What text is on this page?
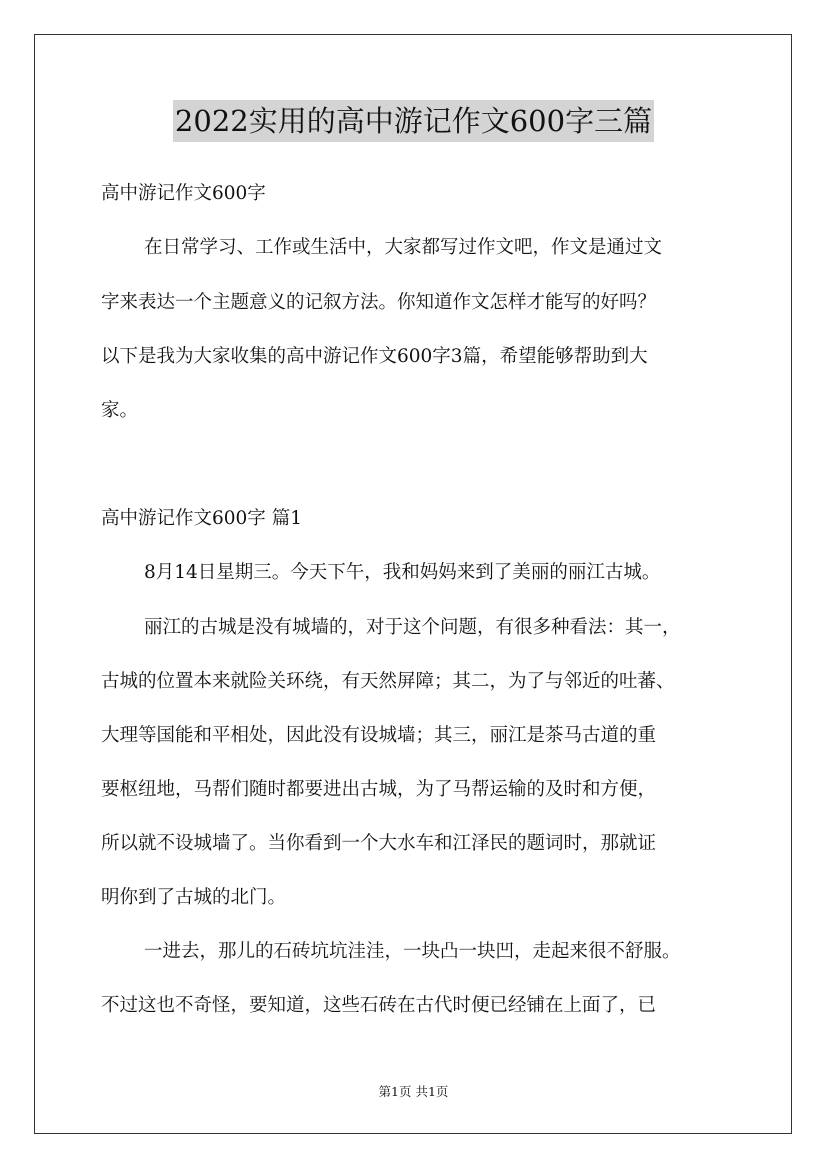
2022实用的高中游记作文600字三篇
高中游记作文600字
在日常学习、工作或生活中，大家都写过作文吧，作文是通过文
字来表达一个主题意义的记叙方法。你知道作文怎样才能写的好吗？
以下是我为大家收集的高中游记作文600字3篇，希望能够帮助到大
家。
高中游记作文600字 篇1
8月14日星期三。今天下午，我和妈妈来到了美丽的丽江古城。
丽江的古城是没有城墙的，对于这个问题，有很多种看法：其一，
古城的位置本来就险关环绕，有天然屏障；其二，为了与邻近的吐蕃、
大理等国能和平相处，因此没有设城墙；其三，丽江是茶马古道的重
要枢纽地，马帮们随时都要进出古城，为了马帮运输的及时和方便，
所以就不设城墙了。当你看到一个大水车和江泽民的题词时，那就证
明你到了古城的北门。
一进去，那儿的石砖坑坑洼洼，一块凸一块凹，走起来很不舒服。
不过这也不奇怪，要知道，这些石砖在古代时便已经铺在上面了，已
第1页 共1页
